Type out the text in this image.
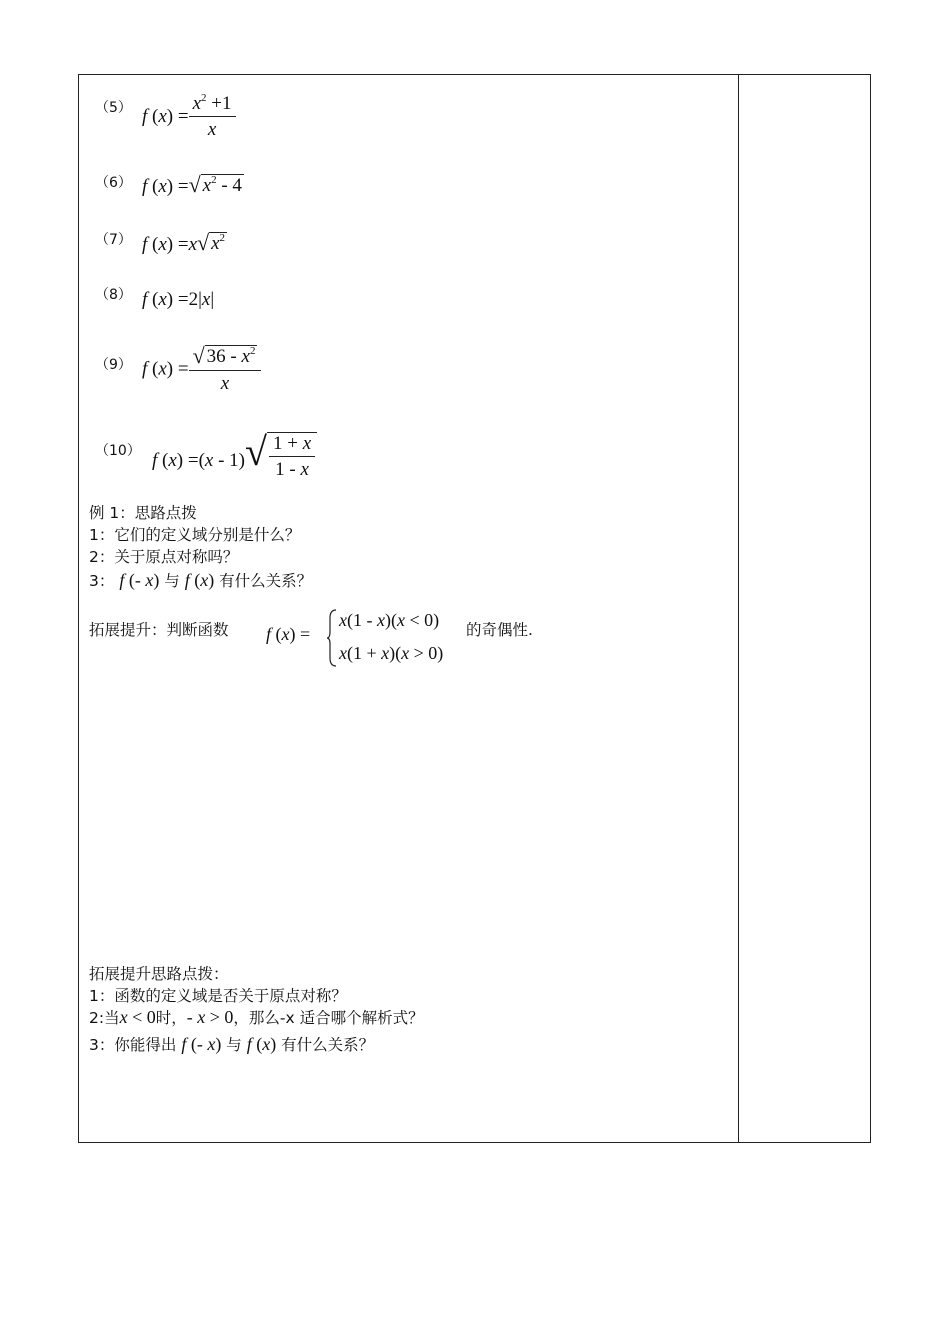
（5） f $(x) = \frac{x^2 +1}{x}$
（6） f (x) = √ $x^2 - 4$
（7） f (x) =x √ $x^2$
（8） f (x) =2|x|
（9） f $(x) = \frac{√ 36 - x^2}{x}$
（10） f (x) =(x - 1) √ $\frac{1 + x}{1 - x}$
例 1：思路点拨
1：它们的定义域分别是什么？
2：关于原点对称吗？
3： f (- x) 与 f (x) 有什么关系？
拓展提升：判断函数 f (x) =
x(1 - x)(x < 0)
x(1 + x)(x > 0)
的奇偶性.
拓展提升思路点拨：
1：函数的定义域是否关于原点对称？
2:当x < 0时，- x > 0，那么-x 适合哪个解析式？
3：你能得出 f (- x) 与 f (x) 有什么关系？
